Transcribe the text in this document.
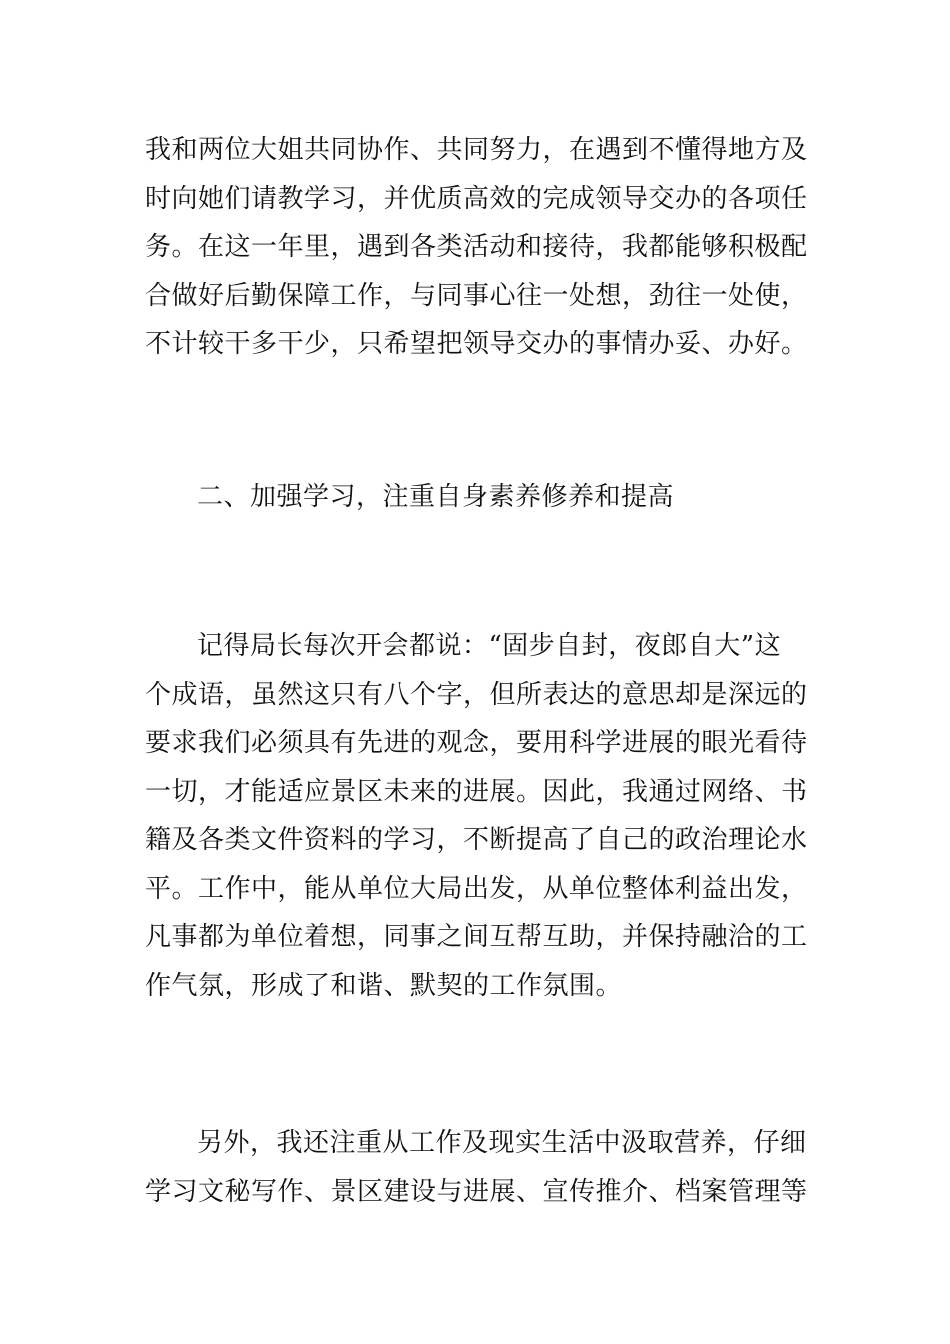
我和两位大姐共同协作、共同努力，在遇到不懂得地方及
时向她们请教学习，并优质高效的完成领导交办的各项任
务。在这一年里，遇到各类活动和接待，我都能够积极配
合做好后勤保障工作，与同事心往一处想，劲往一处使，
不计较干多干少，只希望把领导交办的事情办妥、办好。
二、加强学习，注重自身素养修养和提高
记得局长每次开会都说：“固步自封，夜郎自大”这
个成语，虽然这只有八个字，但所表达的意思却是深远的
要求我们必须具有先进的观念，要用科学进展的眼光看待
一切，才能适应景区未来的进展。因此，我通过网络、书
籍及各类文件资料的学习，不断提高了自己的政治理论水
平。工作中，能从单位大局出发，从单位整体利益出发，
凡事都为单位着想，同事之间互帮互助，并保持融洽的工
作气氛，形成了和谐、默契的工作氛围。
另外，我还注重从工作及现实生活中汲取营养，仔细
学习文秘写作、景区建设与进展、宣传推介、档案管理等
